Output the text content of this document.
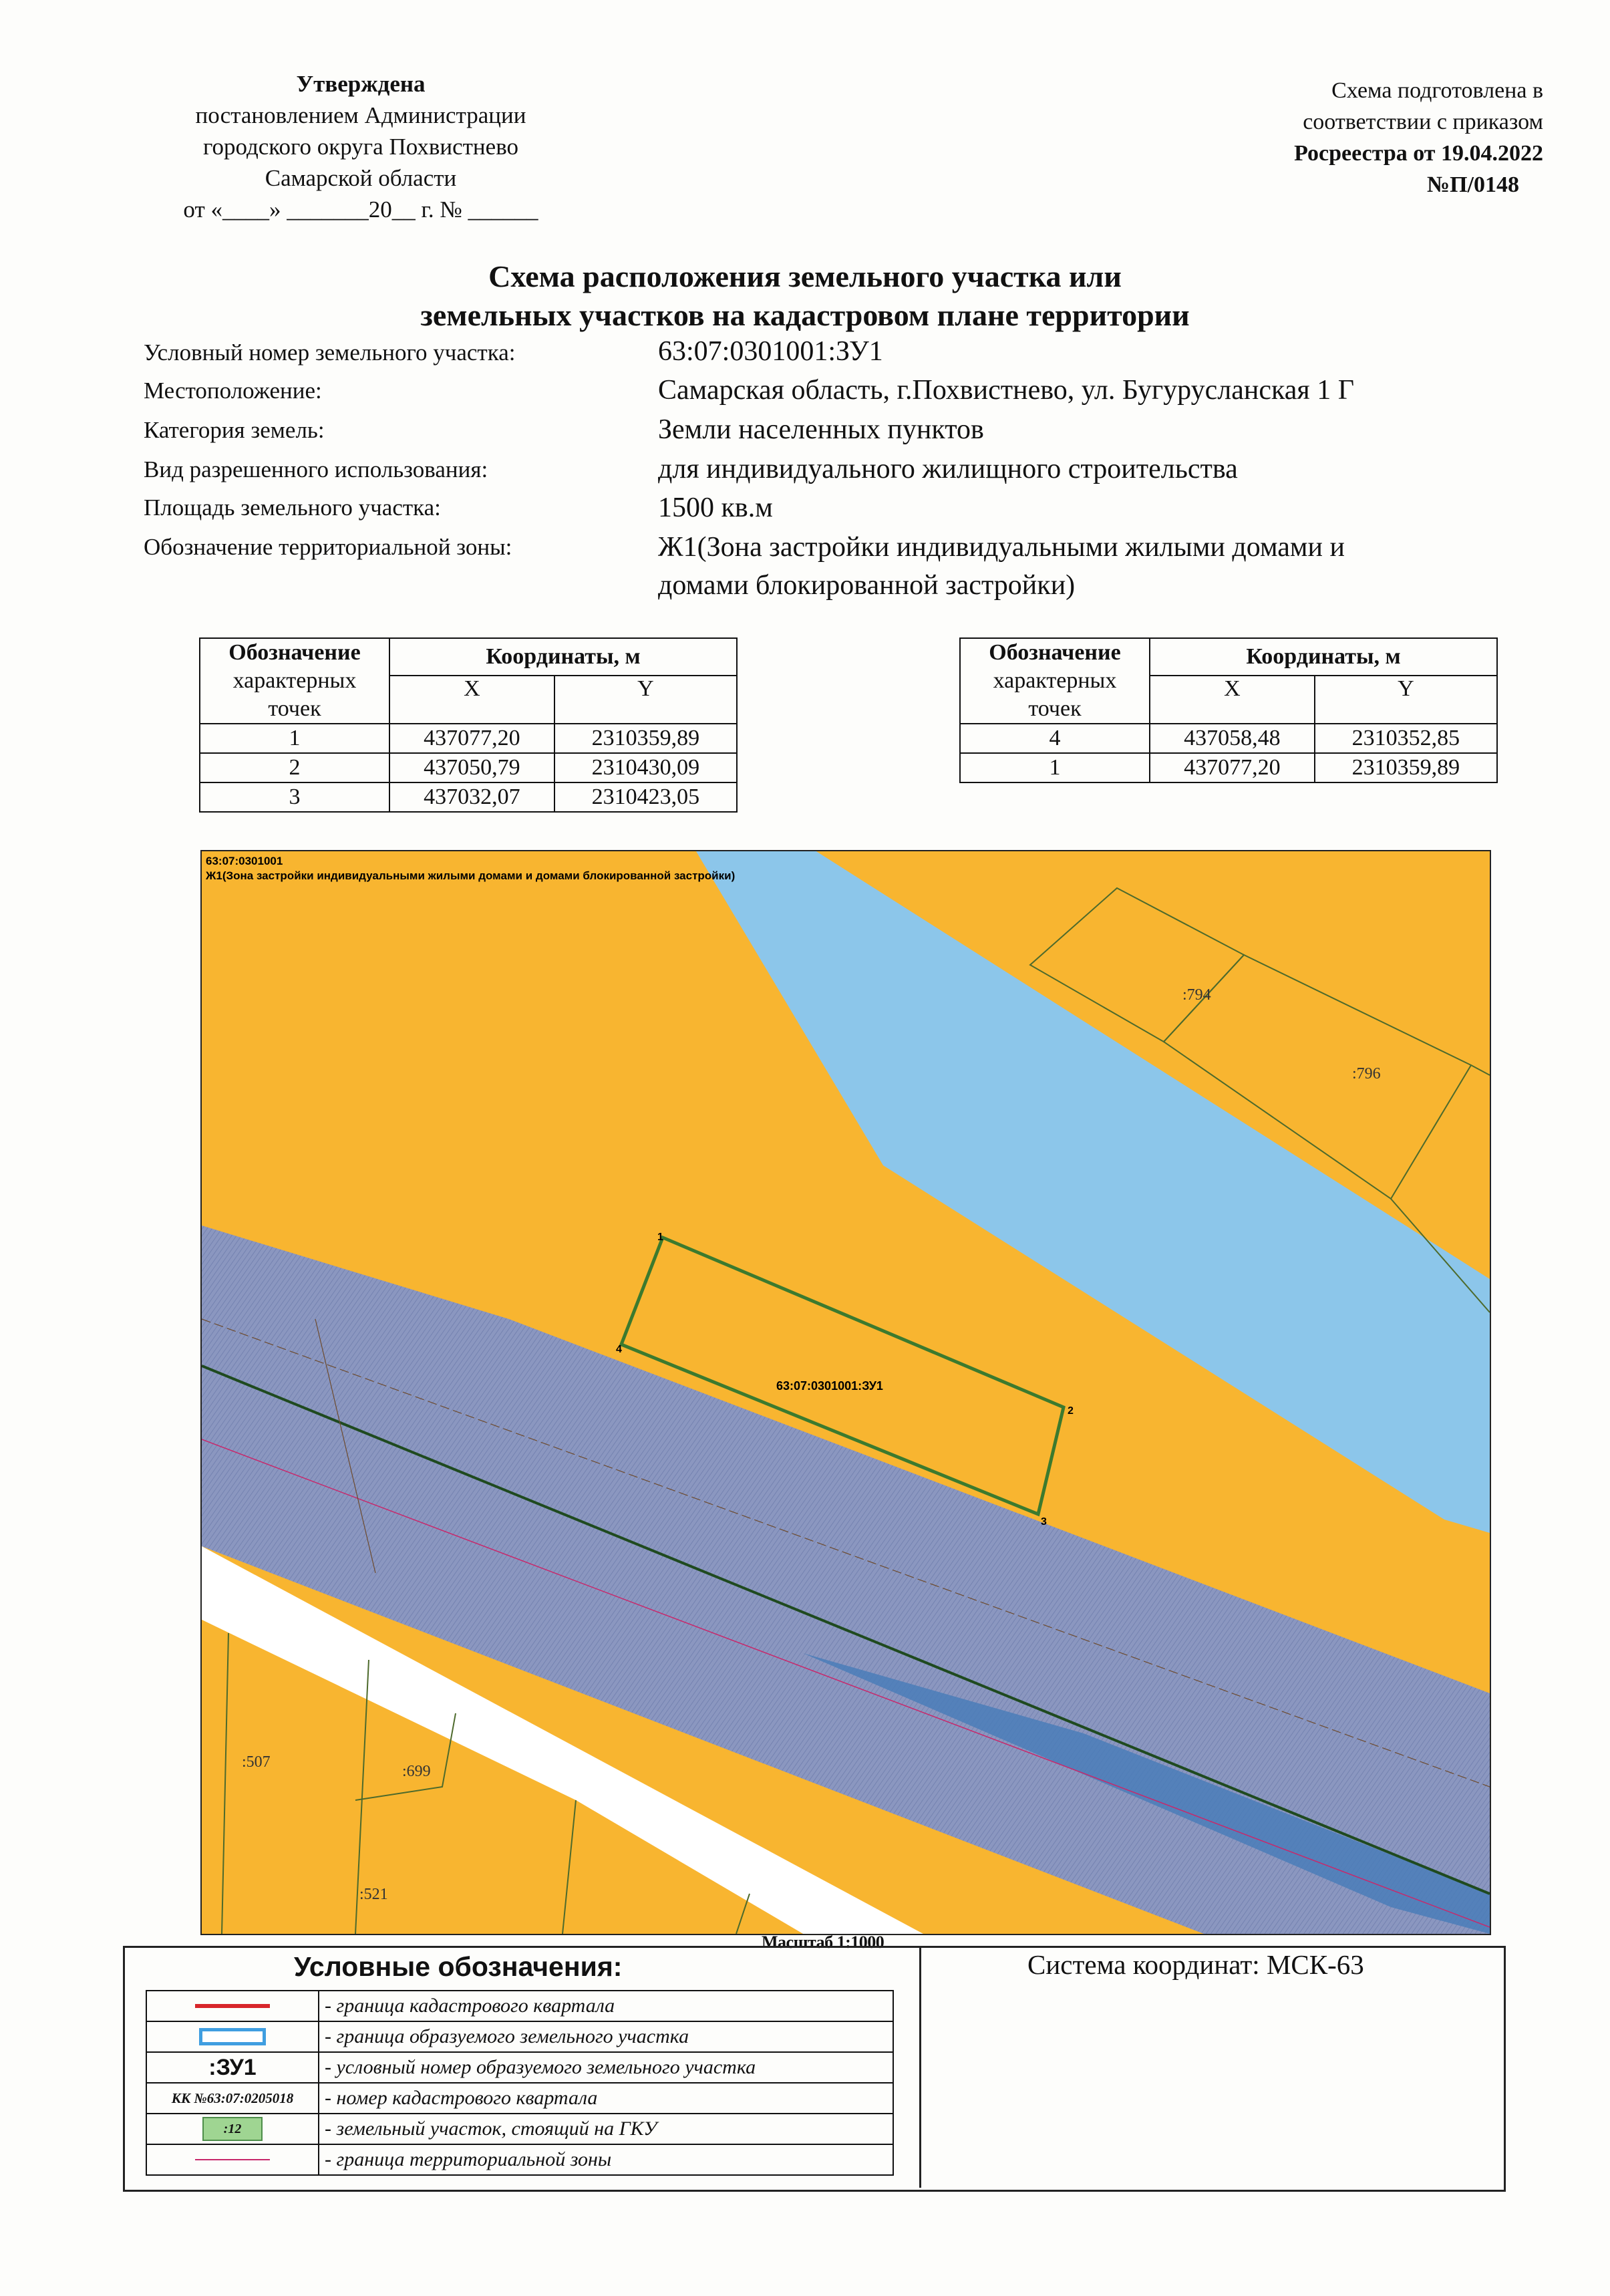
Утверждена
постановлением Администрации
городского округа Похвистнево
Самарской области
от «____» _______20__ г. № ______
Схема подготовлена в
соответствии с приказом
Росреестра от 19.04.2022
№П/0148
Схема расположения земельного участка или
земельных участков на кадастровом плане территории
Условный номер земельного участка:	63:07:0301001:ЗУ1
Местоположение:	Самарская область, г.Похвистнево, ул. Бугурусланская 1 Г
Категория земель:	Земли населенных пунктов
Вид разрешенного использования:	для индивидуального жилищного строительства
Площадь земельного участка:	1500 кв.м
Обозначение территориальной зоны:	Ж1(Зона застройки индивидуальными жилыми домами и
домами блокированной застройки)
Обозначение
характерных
точек	Координаты, м	
	X	Y
1	437077,20	2310359,89
2	437050,79	2310430,09
3	437032,07	2310423,05
Обозначение
характерных
точек	Координаты, м	
	X	Y
4	437058,48	2310352,85
1	437077,20	2310359,89
63:07:0301001
Ж1(Зона застройки индивидуальными жилыми домами и домами блокированной застройки)
63:07:0301001:ЗУ1
1
2
3
4
:794
:796
:507
:699
:521
Масштаб 1:1000
Условные обозначения:	Система координат: МСК-63
	- граница кадастрового квартала
	- граница образуемого земельного участка
:ЗУ1	- условный номер образуемого земельного участка
КК №63:07:0205018	- номер кадастрового квартала
:12	- земельный участок, стоящий на ГКУ
	- граница территориальной зоны
